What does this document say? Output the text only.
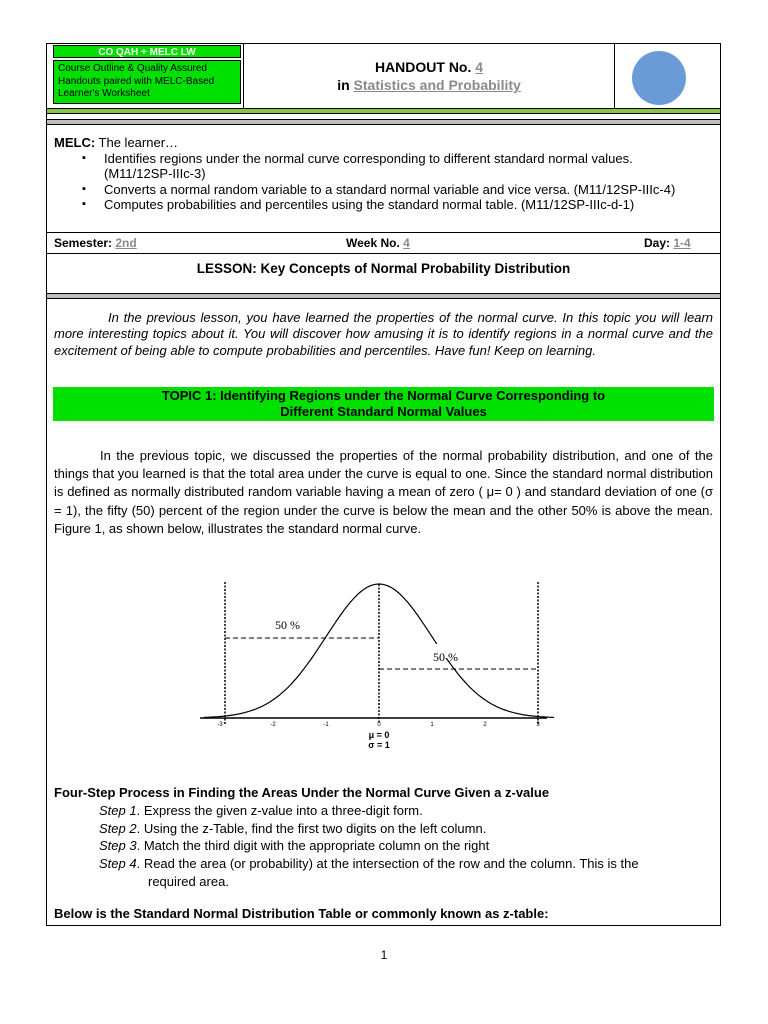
CO QAH + MELC LW
Course Outline & Quality Assured Handouts paired with MELC-Based Learner's Worksheet
HANDOUT No. 4
in Statistics and Probability
MELC: The learner…
▪ Identifies regions under the normal curve corresponding to different standard normal values. (M11/12SP-IIIc-3)
▪ Converts a normal random variable to a standard normal variable and vice versa. (M11/12SP-IIIc-4)
▪ Computes probabilities and percentiles using the standard normal table. (M11/12SP-IIIc-d-1)
Semester: 2nd	Week No. 4	Day: 1-4
LESSON: Key Concepts of Normal Probability Distribution
In the previous lesson, you have learned the properties of the normal curve. In this topic you will learn more interesting topics about it. You will discover how amusing it is to identify regions in a normal curve and the excitement of being able to compute probabilities and percentiles. Have fun! Keep on learning.
TOPIC 1: Identifying Regions under the Normal Curve Corresponding to
Different Standard Normal Values
In the previous topic, we discussed the properties of the normal probability distribution, and one of the things that you learned is that the total area under the curve is equal to one. Since the standard normal distribution is defined as normally distributed random variable having a mean of zero ( μ= 0 ) and standard deviation of one (σ = 1), the fifty (50) percent of the region under the curve is below the mean and the other 50% is above the mean. Figure 1, as shown below, illustrates the standard normal curve.
50 %
50 %
-3	-2	-1	0	1	2	3
μ = 0
σ = 1
Four-Step Process in Finding the Areas Under the Normal Curve Given a z-value
Step 1. Express the given z-value into a three-digit form.
Step 2. Using the z-Table, find the first two digits on the left column.
Step 3. Match the third digit with the appropriate column on the right
Step 4. Read the area (or probability) at the intersection of the row and the column. This is the
required area.
Below is the Standard Normal Distribution Table or commonly known as z-table:
1
